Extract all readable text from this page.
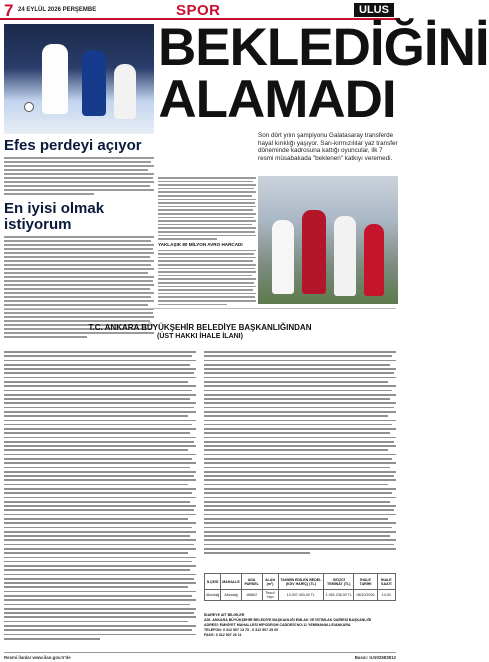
7 24 EYLÜL 2026 PERŞEMBE	SPOR	ULUS
Efes perdeyi açıyor
En iyisi olmak istiyorum
BEKLEDİĞİNİ ALAMADI
Son dört yılın şampiyonu Galatasaray transferde hayal kırıklığı yaşıyor. Sarı-kırmızılılar yaz transfer döneminde kadrosuna kattığı oyuncular, ilk 7 resmi müsabakada "beklenen" katkıyı veremedi.
YAKLAŞIK 80 MİLYON AVRO HARCADI
T.C. ANKARA BÜYÜKŞEHİR BELEDİYE BAŞKANLIĞINDAN
(ÜST HAKKI İHALE İLANI)
İLÇESİ	MAHALLE	ADA PARSEL	ALAN (m²)	TAHMİN EDİLEN BEDEL (KDV HARİÇ) (TL)	GEÇİCİ TEMİNAT (TL)	İHALE TARİHİ	İHALE SAATİ
Altındağ	Altındağ	1868/2	Tescil Yapı	13.007.493,00 TL	1.952.236,00 TL	08/10/2026	14.00
İDAREYE AİT BİLGİLER
ADI: ANKARA BÜYÜKŞEHİR BELEDİYE BAŞKANLIĞI EMLAK VE İSTİMLAK DAİRESİ BAŞKANLIĞI
ADRESİ: EMNİYET MAHALLESİ HİPODROM CADDESİ NO:11 YENİMAHALLE/ANKARA
TELEFON: 0 312 507 13 75 - 0 312 507 25 00
FAKS: 0 312 507 26 11
Resmi ilanlar www.ilan.gov.tr'de	Basın: ILN02583812
